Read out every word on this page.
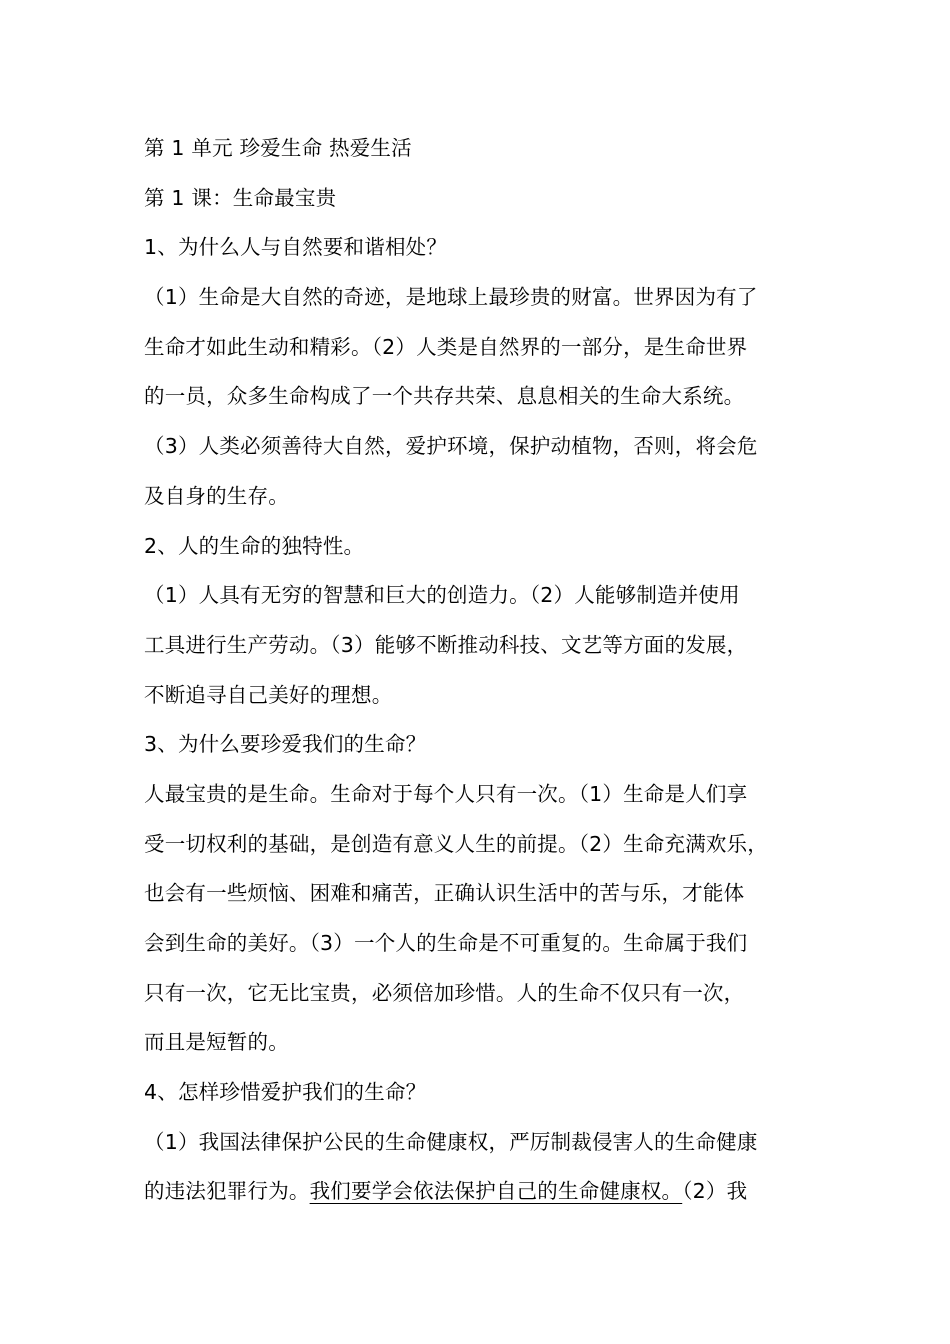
第 1 单元 珍爱生命 热爱生活
第 1 课：生命最宝贵
1、为什么人与自然要和谐相处？
（1）生命是大自然的奇迹，是地球上最珍贵的财富。世界因为有了
生命才如此生动和精彩。（2）人类是自然界的一部分，是生命世界
的一员，众多生命构成了一个共存共荣、息息相关的生命大系统。
（3）人类必须善待大自然，爱护环境，保护动植物，否则，将会危
及自身的生存。
2、人的生命的独特性。
（1）人具有无穷的智慧和巨大的创造力。（2）人能够制造并使用
工具进行生产劳动。（3）能够不断推动科技、文艺等方面的发展，
不断追寻自己美好的理想。
3、为什么要珍爱我们的生命？
人最宝贵的是生命。生命对于每个人只有一次。（1）生命是人们享
受一切权利的基础，是创造有意义人生的前提。（2）生命充满欢乐，
也会有一些烦恼、困难和痛苦，正确认识生活中的苦与乐，才能体
会到生命的美好。（3）一个人的生命是不可重复的。生命属于我们
只有一次，它无比宝贵，必须倍加珍惜。人的生命不仅只有一次，
而且是短暂的。
4、怎样珍惜爱护我们的生命？
（1）我国法律保护公民的生命健康权，严厉制裁侵害人的生命健康
的违法犯罪行为。我们要学会依法保护自己的生命健康权。（2）我
